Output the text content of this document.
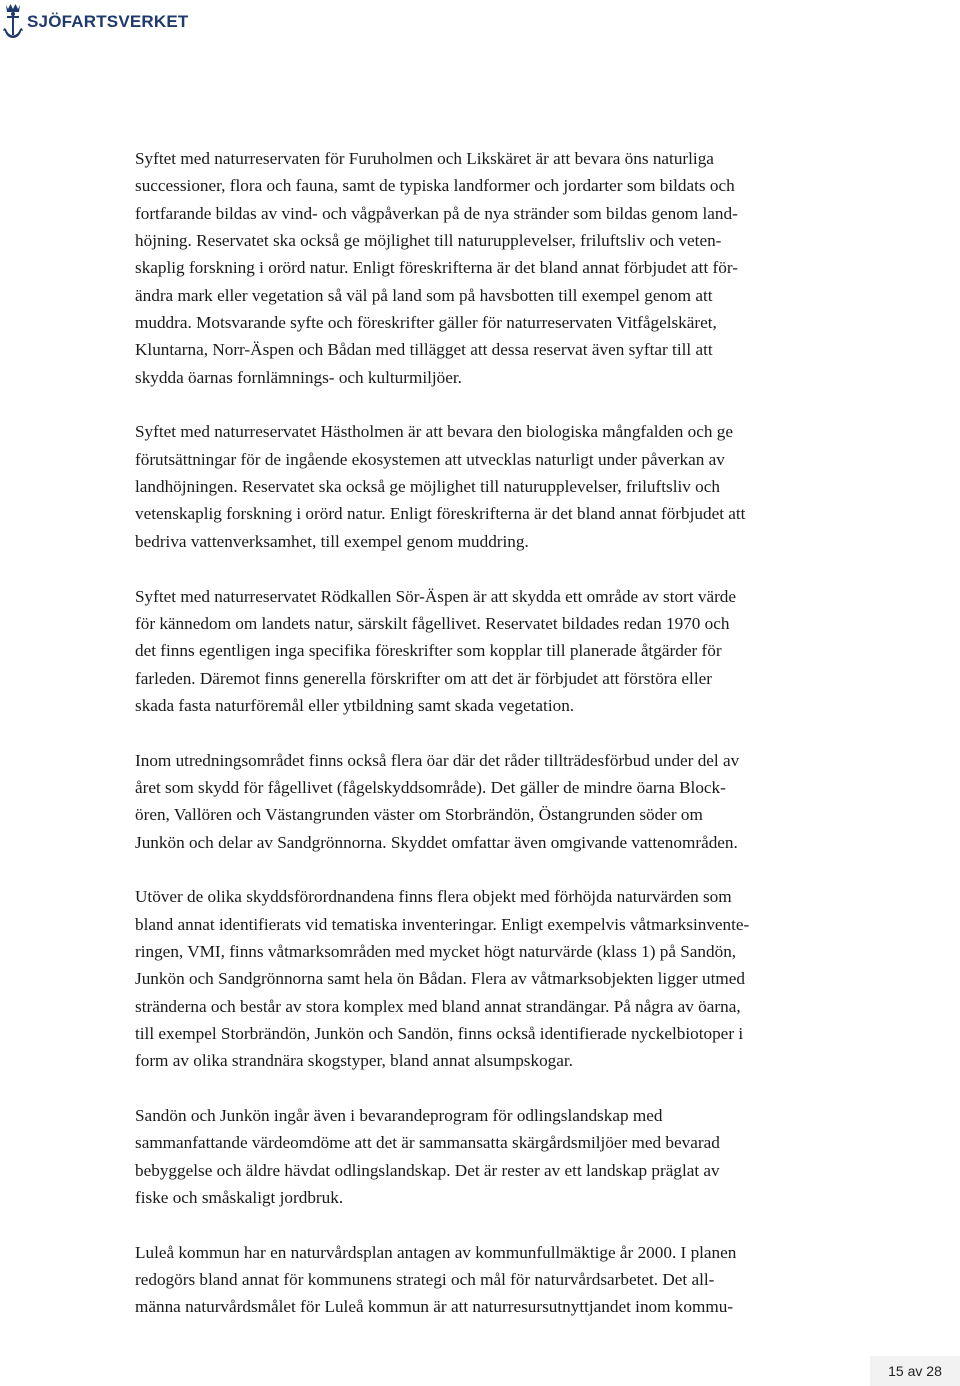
SJÖFARTSVERKET

Syftet med naturreservaten för Furuholmen och Likskäret är att bevara öns naturliga
successioner, flora och fauna, samt de typiska landformer och jordarter som bildats och
fortfarande bildas av vind- och vågpåverkan på de nya stränder som bildas genom land-
höjning. Reservatet ska också ge möjlighet till naturupplevelser, friluftsliv och veten-
skaplig forskning i orörd natur. Enligt föreskrifterna är det bland annat förbjudet att för-
ändra mark eller vegetation så väl på land som på havsbotten till exempel genom att
muddra. Motsvarande syfte och föreskrifter gäller för naturreservaten Vitfågelskäret,
Kluntarna, Norr-Äspen och Bådan med tillägget att dessa reservat även syftar till att
skydda öarnas fornlämnings- och kulturmiljöer.

Syftet med naturreservatet Hästholmen är att bevara den biologiska mångfalden och ge
förutsättningar för de ingående ekosystemen att utvecklas naturligt under påverkan av
landhöjningen. Reservatet ska också ge möjlighet till naturupplevelser, friluftsliv och
vetenskaplig forskning i orörd natur. Enligt föreskrifterna är det bland annat förbjudet att
bedriva vattenverksamhet, till exempel genom muddring.

Syftet med naturreservatet Rödkallen Sör-Äspen är att skydda ett område av stort värde
för kännedom om landets natur, särskilt fågellivet. Reservatet bildades redan 1970 och
det finns egentligen inga specifika föreskrifter som kopplar till planerade åtgärder för
farleden. Däremot finns generella förskrifter om att det är förbjudet att förstöra eller
skada fasta naturföremål eller ytbildning samt skada vegetation.

Inom utredningsområdet finns också flera öar där det råder tillträdesförbud under del av
året som skydd för fågellivet (fågelskyddsområde). Det gäller de mindre öarna Block-
ören, Vallören och Västangrunden väster om Storbrändön, Östangrunden söder om
Junkön och delar av Sandgrönnorna. Skyddet omfattar även omgivande vattenområden.

Utöver de olika skyddsförordnandena finns flera objekt med förhöjda naturvärden som
bland annat identifierats vid tematiska inventeringar. Enligt exempelvis våtmarksinvente-
ringen, VMI, finns våtmarksområden med mycket högt naturvärde (klass 1) på Sandön,
Junkön och Sandgrönnorna samt hela ön Bådan. Flera av våtmarksobjekten ligger utmed
stränderna och består av stora komplex med bland annat strandängar. På några av öarna,
till exempel Storbrändön, Junkön och Sandön, finns också identifierade nyckelbiotoper i
form av olika strandnära skogstyper, bland annat alsumpskogar.

Sandön och Junkön ingår även i bevarandeprogram för odlingslandskap med
sammanfattande värdeomdöme att det är sammansatta skärgårdsmiljöer med bevarad
bebyggelse och äldre hävdat odlingslandskap. Det är rester av ett landskap präglat av
fiske och småskaligt jordbruk.

Luleå kommun har en naturvårdsplan antagen av kommunfullmäktige år 2000. I planen
redogörs bland annat för kommunens strategi och mål för naturvårdsarbetet. Det all-
männa naturvårdsmålet för Luleå kommun är att naturresursutnyttjandet inom kommu-

15 av 28
